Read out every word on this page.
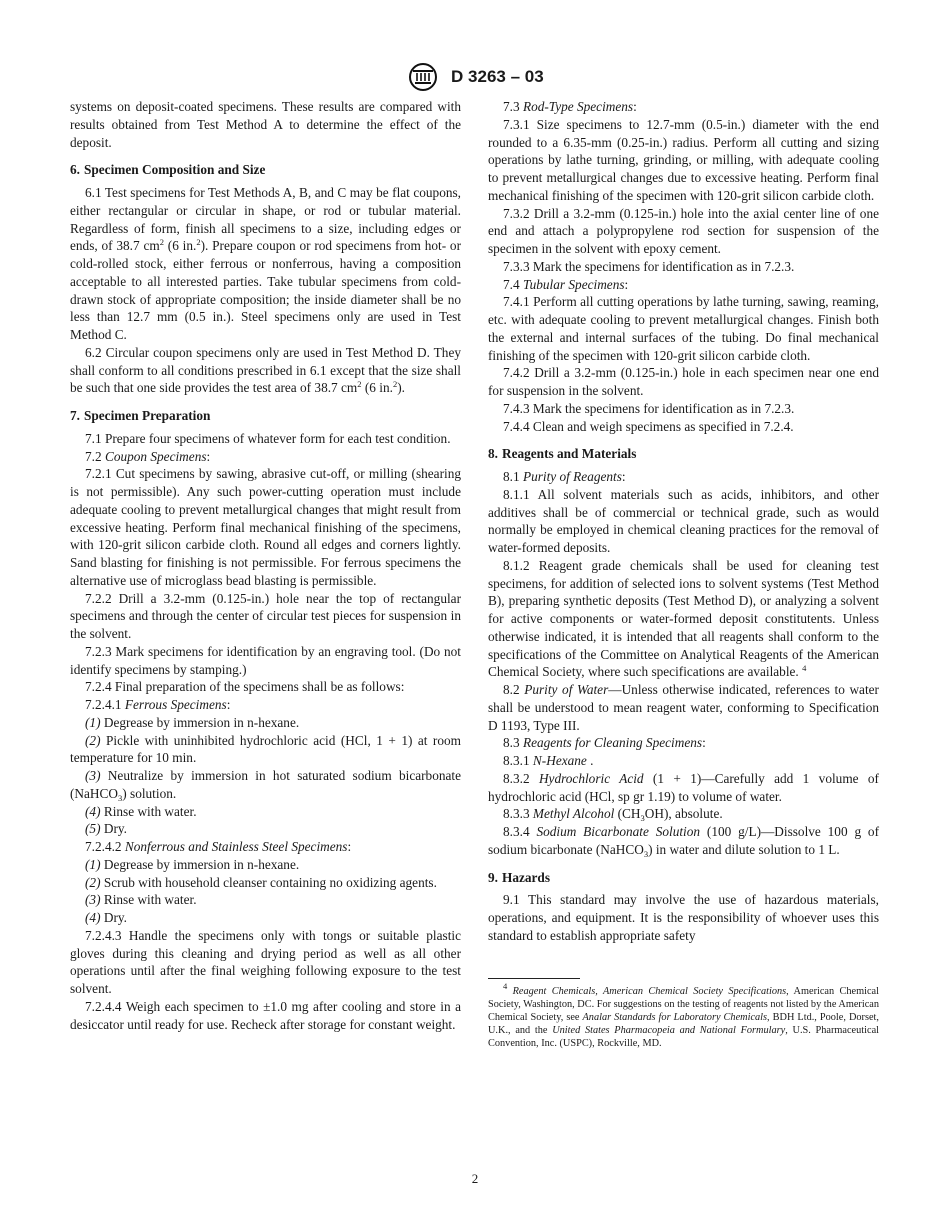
D 3263 – 03

systems on deposit-coated specimens. These results are compared with results obtained from Test Method A to determine the effect of the deposit.

6. Specimen Composition and Size

6.1 Test specimens for Test Methods A, B, and C may be flat coupons, either rectangular or circular in shape, or rod or tubular material. Regardless of form, finish all specimens to a size, including edges or ends, of 38.7 $cm^2$ (6 in.$^2$). Prepare coupon or rod specimens from hot- or cold-rolled stock, either ferrous or nonferrous, having a composition acceptable to all interested parties. Take tubular specimens from cold-drawn stock of appropriate composition; the inside diameter shall be no less than 12.7 mm (0.5 in.). Steel specimens only are used in Test Method C.

6.2 Circular coupon specimens only are used in Test Method D. They shall conform to all conditions prescribed in 6.1 except that the size shall be such that one side provides the test area of 38.7 $cm^2$ (6 in.$^2$).

7. Specimen Preparation

7.1 Prepare four specimens of whatever form for each test condition.

7.2 Coupon Specimens:

7.2.1 Cut specimens by sawing, abrasive cut-off, or milling (shearing is not permissible). Any such power-cutting operation must include adequate cooling to prevent metallurgical changes that might result from excessive heating. Perform final mechanical finishing of the specimens, with 120-grit silicon carbide cloth. Round all edges and corners lightly. Sand blasting for finishing is not permissible. For ferrous specimens the alternative use of microglass bead blasting is permissible.

7.2.2 Drill a 3.2-mm (0.125-in.) hole near the top of rectangular specimens and through the center of circular test pieces for suspension in the solvent.

7.2.3 Mark specimens for identification by an engraving tool. (Do not identify specimens by stamping.)

7.2.4 Final preparation of the specimens shall be as follows:

7.2.4.1 Ferrous Specimens:

(1) Degrease by immersion in n-hexane.

(2) Pickle with uninhibited hydrochloric acid (HCl, 1 + 1) at room temperature for 10 min.

(3) Neutralize by immersion in hot saturated sodium bicarbonate (NaHCO$_3$) solution.

(4) Rinse with water.

(5) Dry.

7.2.4.2 Nonferrous and Stainless Steel Specimens:

(1) Degrease by immersion in n-hexane.

(2) Scrub with household cleanser containing no oxidizing agents.

(3) Rinse with water.

(4) Dry.

7.2.4.3 Handle the specimens only with tongs or suitable plastic gloves during this cleaning and drying period as well as all other operations until after the final weighing following exposure to the test solvent.

7.2.4.4 Weigh each specimen to ±1.0 mg after cooling and store in a desiccator until ready for use. Recheck after storage for constant weight.

7.3 Rod-Type Specimens:

7.3.1 Size specimens to 12.7-mm (0.5-in.) diameter with the end rounded to a 6.35-mm (0.25-in.) radius. Perform all cutting and sizing operations by lathe turning, grinding, or milling, with adequate cooling to prevent metallurgical changes due to excessive heating. Perform final mechanical finishing of the specimen with 120-grit silicon carbide cloth.

7.3.2 Drill a 3.2-mm (0.125-in.) hole into the axial center line of one end and attach a polypropylene rod section for suspension of the specimen in the solvent with epoxy cement.

7.3.3 Mark the specimens for identification as in 7.2.3.

7.4 Tubular Specimens:

7.4.1 Perform all cutting operations by lathe turning, sawing, reaming, etc. with adequate cooling to prevent metallurgical changes. Finish both the external and internal surfaces of the tubing. Do final mechanical finishing of the specimen with 120-grit silicon carbide cloth.

7.4.2 Drill a 3.2-mm (0.125-in.) hole in each specimen near one end for suspension in the solvent.

7.4.3 Mark the specimens for identification as in 7.2.3.

7.4.4 Clean and weigh specimens as specified in 7.2.4.

8. Reagents and Materials

8.1 Purity of Reagents:

8.1.1 All solvent materials such as acids, inhibitors, and other additives shall be of commercial or technical grade, such as would normally be employed in chemical cleaning practices for the removal of water-formed deposits.

8.1.2 Reagent grade chemicals shall be used for cleaning test specimens, for addition of selected ions to solvent systems (Test Method B), preparing synthetic deposits (Test Method D), or analyzing a solvent for active components or water-formed deposit constitutents. Unless otherwise indicated, it is intended that all reagents shall conform to the specifications of the Committee on Analytical Reagents of the American Chemical Society, where such specifications are available. $^4$

8.2 Purity of Water—Unless otherwise indicated, references to water shall be understood to mean reagent water, conforming to Specification D 1193, Type III.

8.3 Reagents for Cleaning Specimens:

8.3.1 N-Hexane .

8.3.2 Hydrochloric Acid (1 + 1)—Carefully add 1 volume of hydrochloric acid (HCl, sp gr 1.19) to volume of water.

8.3.3 Methyl Alcohol $(CH_3OH)$, absolute.

8.3.4 Sodium Bicarbonate Solution (100 g/L)—Dissolve 100 g of sodium bicarbonate (NaHCO$_3$) in water and dilute solution to 1 L.

9. Hazards

9.1 This standard may involve the use of hazardous materials, operations, and equipment. It is the responsibility of whoever uses this standard to establish appropriate safety

$^4$ Reagent Chemicals, American Chemical Society Specifications, American Chemical Society, Washington, DC. For suggestions on the testing of reagents not listed by the American Chemical Society, see Analar Standards for Laboratory Chemicals, BDH Ltd., Poole, Dorset, U.K., and the United States Pharmacopeia and National Formulary, U.S. Pharmaceutical Convention, Inc. (USPC), Rockville, MD.

2
